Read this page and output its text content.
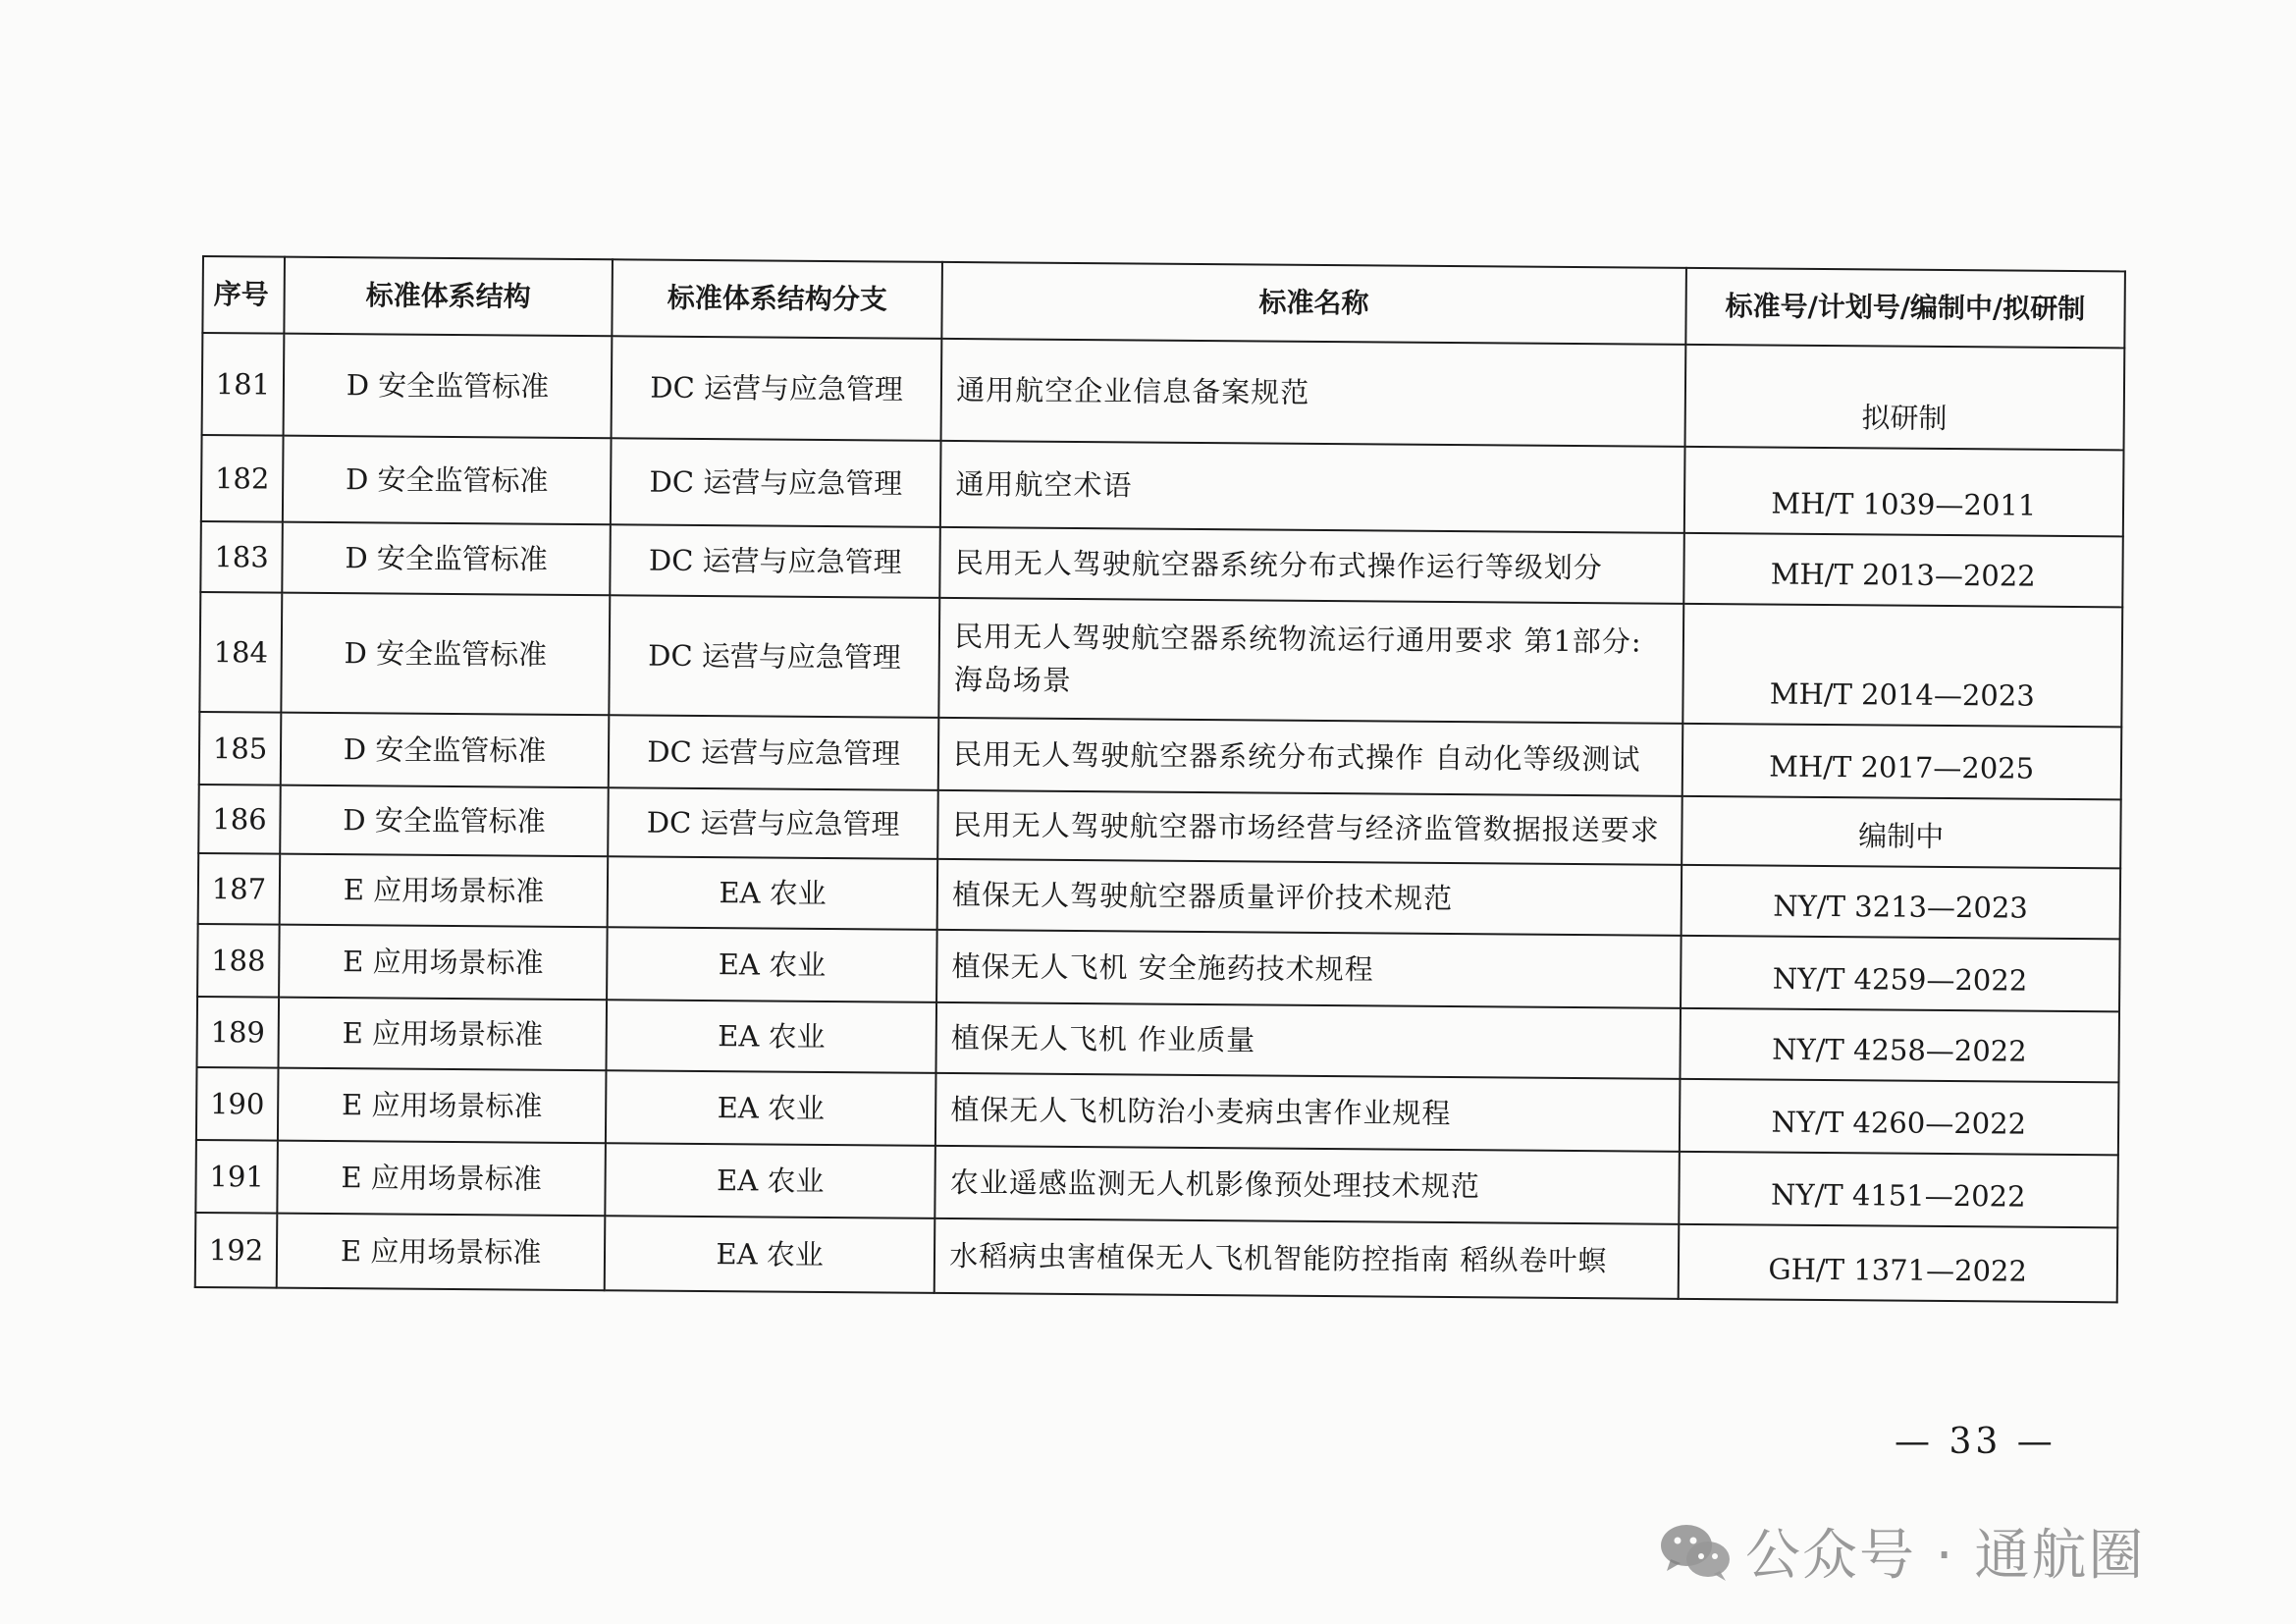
序号	标准体系结构	标准体系结构分支	标准名称	标准号/计划号/编制中/拟研制
181	D 安全监管标准	DC 运营与应急管理	通用航空企业信息备案规范	拟研制
182	D 安全监管标准	DC 运营与应急管理	通用航空术语	MH/T 1039—2011
183	D 安全监管标准	DC 运营与应急管理	民用无人驾驶航空器系统分布式操作运行等级划分	MH/T 2013—2022
184	D 安全监管标准	DC 运营与应急管理	民用无人驾驶航空器系统物流运行通用要求 第1部分:海岛场景	MH/T 2014—2023
185	D 安全监管标准	DC 运营与应急管理	民用无人驾驶航空器系统分布式操作 自动化等级测试	MH/T 2017—2025
186	D 安全监管标准	DC 运营与应急管理	民用无人驾驶航空器市场经营与经济监管数据报送要求	编制中
187	E 应用场景标准	EA 农业	植保无人驾驶航空器质量评价技术规范	NY/T 3213—2023
188	E 应用场景标准	EA 农业	植保无人飞机 安全施药技术规程	NY/T 4259—2022
189	E 应用场景标准	EA 农业	植保无人飞机 作业质量	NY/T 4258—2022
190	E 应用场景标准	EA 农业	植保无人飞机防治小麦病虫害作业规程	NY/T 4260—2022
191	E 应用场景标准	EA 农业	农业遥感监测无人机影像预处理技术规范	NY/T 4151—2022
192	E 应用场景标准	EA 农业	水稻病虫害植保无人飞机智能防控指南 稻纵卷叶螟	GH/T 1371—2022
— 33 —
公众号 · 通航圈
